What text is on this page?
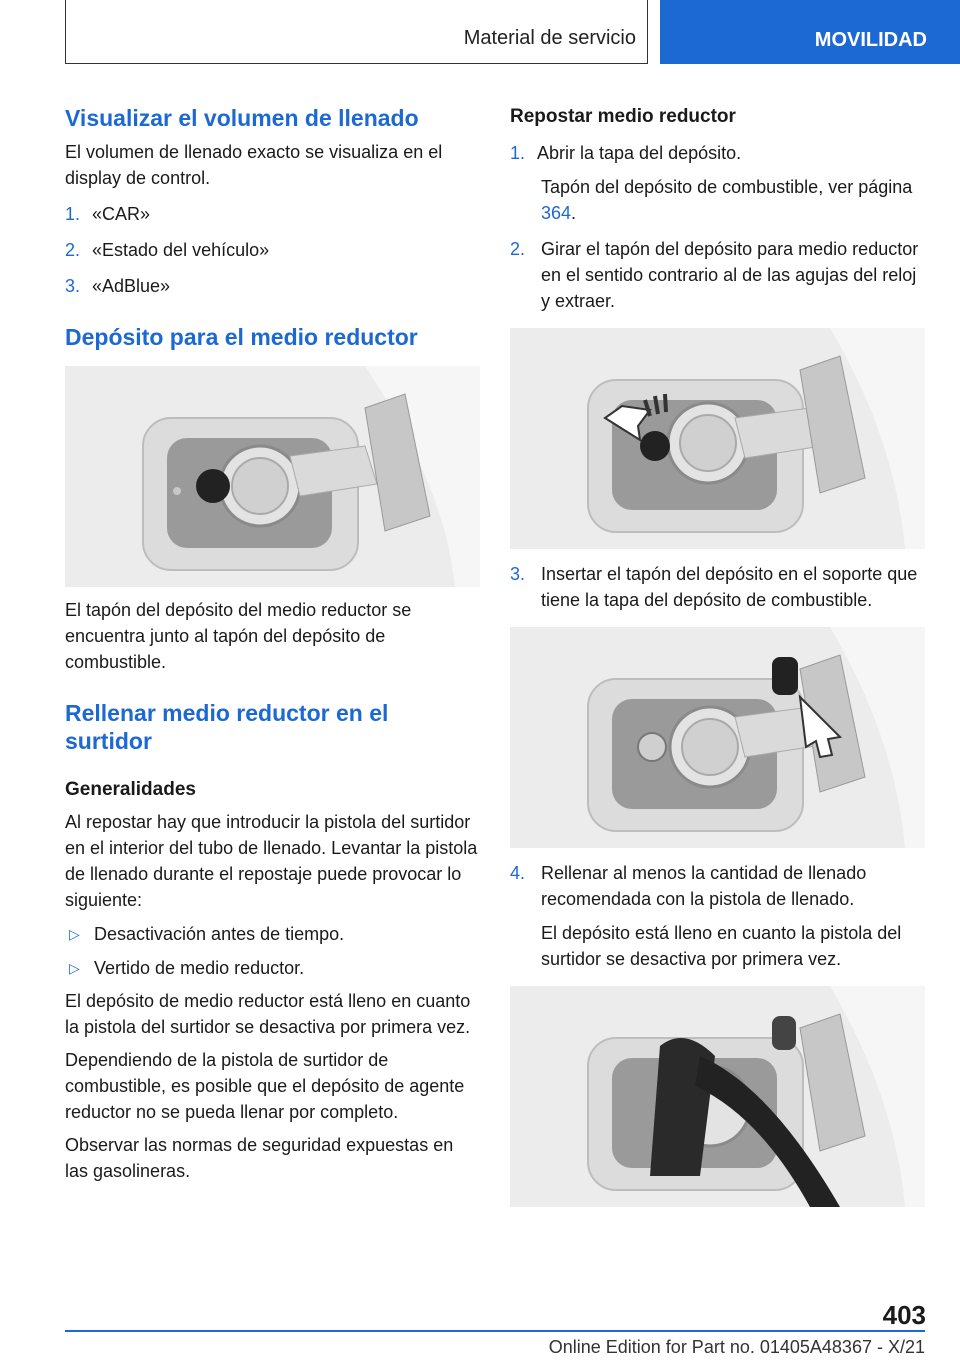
Material de servicio	MOVILIDAD
Visualizar el volumen de llenado

El volumen de llenado exacto se visualiza en el display de control.

1. «CAR»
2. «Estado del vehículo»
3. «AdBlue»
Depósito para el medio reductor

El tapón del depósito del medio reductor se encuentra junto al tapón del depósito de combustible.

Rellenar medio reductor en el surtidor
Generalidades

Al repostar hay que introducir la pistola del surtidor en el interior del tubo de llenado. Levantar la pistola de llenado durante el repostaje puede provocar lo siguiente:

▷ Desactivación antes de tiempo.
▷ Vertido de medio reductor.

El depósito de medio reductor está lleno en cuanto la pistola del surtidor se desactiva por primera vez.

Dependiendo de la pistola de surtidor de combustible, es posible que el depósito de agente reductor no se pueda llenar por completo.

Observar las normas de seguridad expuestas en las gasolineras.

Repostar medio reductor
1. Abrir la tapa del depósito.

Tapón del depósito de combustible, ver página 364.

2. Girar el tapón del depósito para medio reductor en el sentido contrario al de las agujas del reloj y extraer.
3. Insertar el tapón del depósito en el soporte que tiene la tapa del depósito de combustible.
4. Rellenar al menos la cantidad de llenado recomendada con la pistola de llenado.

El depósito está lleno en cuanto la pistola del surtidor se desactiva por primera vez.

403
Online Edition for Part no. 01405A48367 - X/21
